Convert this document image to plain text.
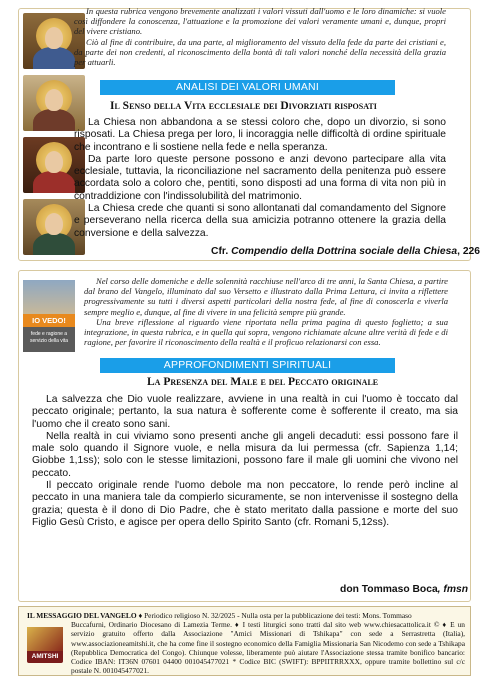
In questa rubrica vengono brevemente analizzati i valori vissuti dall'uomo e le loro dinamiche: si vuole così diffondere la conoscenza, l'attuazione e la promozione dei valori veramente umani e, dunque, propri del vivere cristiano.

Ciò al fine di contribuire, da una parte, al miglioramento del vissuto della fede da parte dei cristiani e, da parte dei non credenti, al riconoscimento della bontà di tali valori nonché della necessità della grazia per attuarli.

ANALISI DEI VALORI UMANI
Il Senso della Vita ecclesiale dei Divorziati risposati

La Chiesa non abbandona a se stessi coloro che, dopo un divorzio, si sono risposati. La Chiesa prega per loro, li incoraggia nelle difficoltà di ordine spirituale che incontrano e li sostiene nella fede e nella speranza.

Da parte loro queste persone possono e anzi devono partecipare alla vita ecclesiale, tuttavia, la riconciliazione nel sacramento della penitenza può essere accordata solo a coloro che, pentiti, sono disposti ad una forma di vita non più in contraddizione con l'indissolubilità del matrimonio.

La Chiesa crede che quanti si sono allontanati dal comandamento del Signore e perseverano nella ricerca della sua amicizia potranno ottenere la grazia della conversione e della salvezza.

Cfr. Compendio della Dottrina sociale della Chiesa, 226
IO VEDO!
fede e ragione a servizio della vita

Nel corso delle domeniche e delle solennità racchiuse nell'arco di tre anni, la Santa Chiesa, a partire dal brano del Vangelo, illuminato dal suo Versetto e illustrato dalla Prima Lettura, ci invita a riflettere progressivamente su tutti i diversi aspetti particolari della nostra fede, al fine di conoscerla e viverla sempre meglio e, dunque, al fine di vivere in una felicità sempre più grande.

Una breve riflessione al riguardo viene riportata nella prima pagina di questo foglietto; a sua integrazione, in questa rubrica, e in quella qui sopra, vengono richiamate alcune altre verità di fede e di ragione, per favorire il riconoscimento della realtà e il proficuo relazionarsi con essa.

APPROFONDIMENTI SPIRITUALI
La Presenza del Male e del Peccato originale

La salvezza che Dio vuole realizzare, avviene in una realtà in cui l'uomo è toccato dal peccato originale; pertanto, la sua natura è sofferente come è sofferente il creato, ma sia l'uomo che il creato sono sani.

Nella realtà in cui viviamo sono presenti anche gli angeli decaduti: essi possono fare il male solo quando il Signore vuole, e nella misura da lui permessa (cfr. Sapienza 1,14; Giobbe 1,1ss); solo con le stesse limitazioni, possono fare il male gli uomini che vivono nel peccato.

Il peccato originale rende l'uomo debole ma non peccatore, lo rende però incline al peccato in una maniera tale da compierlo sicuramente, se non intervenisse il sostegno della grazia; questa è il dono di Dio Padre, che è stato meritato dalla passione e morte del suo Figlio Gesù Cristo, e agisce per opera dello Spirito Santo (cfr. Romani 5,12ss).

don Tommaso Boca, fmsn
AMITSHI
IL MESSAGGIO DEL VANGELO ♦ Periodico religioso N. 32/2025 - Nulla osta per la pubblicazione dei testi: Mons. Tommaso
Buccafurni, Ordinario Diocesano di Lamezia Terme. ♦ I testi liturgici sono tratti dal sito web www.chiesacattolica.it © ♦ E un servizio gratuito offerto dalla Associazione "Amici Missionari di Tshikapa" con sede a Serrastretta (Italia), www.associazioneamitshi.it, che ha come fine il sostegno economico della Famiglia Missionaria San Nicodemo con sede a Tshikapa (Repubblica Democratica del Congo). Chiunque volesse, liberamente può aiutare l'Associazione stessa tramite bonifico bancario: Codice IBAN: IT36N 07601 04400 001045477021 * Codice BIC (SWIFT): BPPIITRRXXX, oppure tramite bollettino sul c/c postale N. 001045477021.
